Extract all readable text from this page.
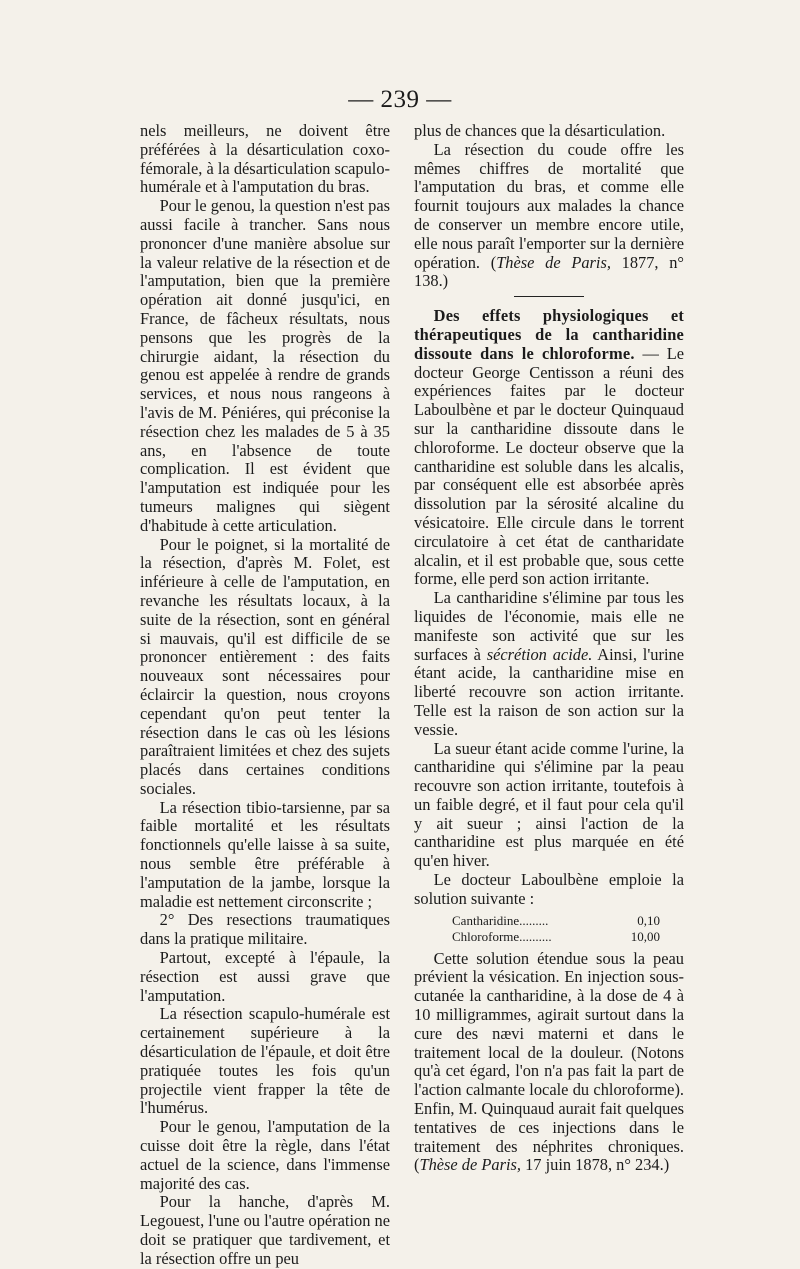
— 239 —

nels meilleurs, ne doivent être préférées à la désarticulation coxo-fémorale, à la désarticulation scapulo-humérale et à l'amputation du bras.

Pour le genou, la question n'est pas aussi facile à trancher. Sans nous prononcer d'une manière absolue sur la valeur relative de la résection et de l'amputation, bien que la première opération ait donné jusqu'ici, en France, de fâcheux résultats, nous pensons que les progrès de la chirurgie aidant, la résection du genou est appelée à rendre de grands services, et nous nous rangeons à l'avis de M. Péniéres, qui préconise la résection chez les malades de 5 à 35 ans, en l'absence de toute complication. Il est évident que l'amputation est indiquée pour les tumeurs malignes qui siègent d'habitude à cette articulation.

Pour le poignet, si la mortalité de la résection, d'après M. Folet, est inférieure à celle de l'amputation, en revanche les résultats locaux, à la suite de la résection, sont en général si mauvais, qu'il est difficile de se prononcer entièrement : des faits nouveaux sont nécessaires pour éclaircir la question, nous croyons cependant qu'on peut tenter la résection dans le cas où les lésions paraîtraient limitées et chez des sujets placés dans certaines conditions sociales.

La résection tibio-tarsienne, par sa faible mortalité et les résultats fonctionnels qu'elle laisse à sa suite, nous semble être préférable à l'amputation de la jambe, lorsque la maladie est nettement circonscrite ;

2° Des resections traumatiques dans la pratique militaire.

Partout, excepté à l'épaule, la résection est aussi grave que l'amputation.

La résection scapulo-humérale est certainement supérieure à la désarticulation de l'épaule, et doit être pratiquée toutes les fois qu'un projectile vient frapper la tête de l'humérus.

Pour le genou, l'amputation de la cuisse doit être la règle, dans l'état actuel de la science, dans l'immense majorité des cas.

Pour la hanche, d'après M. Legouest, l'une ou l'autre opération ne doit se pratiquer que tardivement, et la résection offre un peu

plus de chances que la désarticulation.

La résection du coude offre les mêmes chiffres de mortalité que l'amputation du bras, et comme elle fournit toujours aux malades la chance de conserver un membre encore utile, elle nous paraît l'emporter sur la dernière opération. (Thèse de Paris, 1877, n° 138.)

Des effets physiologiques et thérapeutiques de la cantharidine dissoute dans le chloroforme. — Le docteur George Centisson a réuni des expériences faites par le docteur Laboulbène et par le docteur Quinquaud sur la cantharidine dissoute dans le chloroforme. Le docteur observe que la cantharidine est soluble dans les alcalis, par conséquent elle est absorbée après dissolution par la sérosité alcaline du vésicatoire. Elle circule dans le torrent circulatoire à cet état de cantharidate alcalin, et il est probable que, sous cette forme, elle perd son action irritante.

La cantharidine s'élimine par tous les liquides de l'économie, mais elle ne manifeste son activité que sur les surfaces à sécrétion acide. Ainsi, l'urine étant acide, la cantharidine mise en liberté recouvre son action irritante. Telle est la raison de son action sur la vessie.

La sueur étant acide comme l'urine, la cantharidine qui s'élimine par la peau recouvre son action irritante, toutefois à un faible degré, et il faut pour cela qu'il y ait sueur ; ainsi l'action de la cantharidine est plus marquée en été qu'en hiver.

Le docteur Laboulbène emploie la solution suivante :

Cantharidine.........	0,10
Chloroforme..........	10,00

Cette solution étendue sous la peau prévient la vésication. En injection sous-cutanée la cantharidine, à la dose de 4 à 10 milligrammes, agirait surtout dans la cure des nævi materni et dans le traitement local de la douleur. (Notons qu'à cet égard, l'on n'a pas fait la part de l'action calmante locale du chloroforme). Enfin, M. Quinquaud aurait fait quelques tentatives de ces injections dans le traitement des néphrites chroniques. (Thèse de Paris, 17 juin 1878, n° 234.)
